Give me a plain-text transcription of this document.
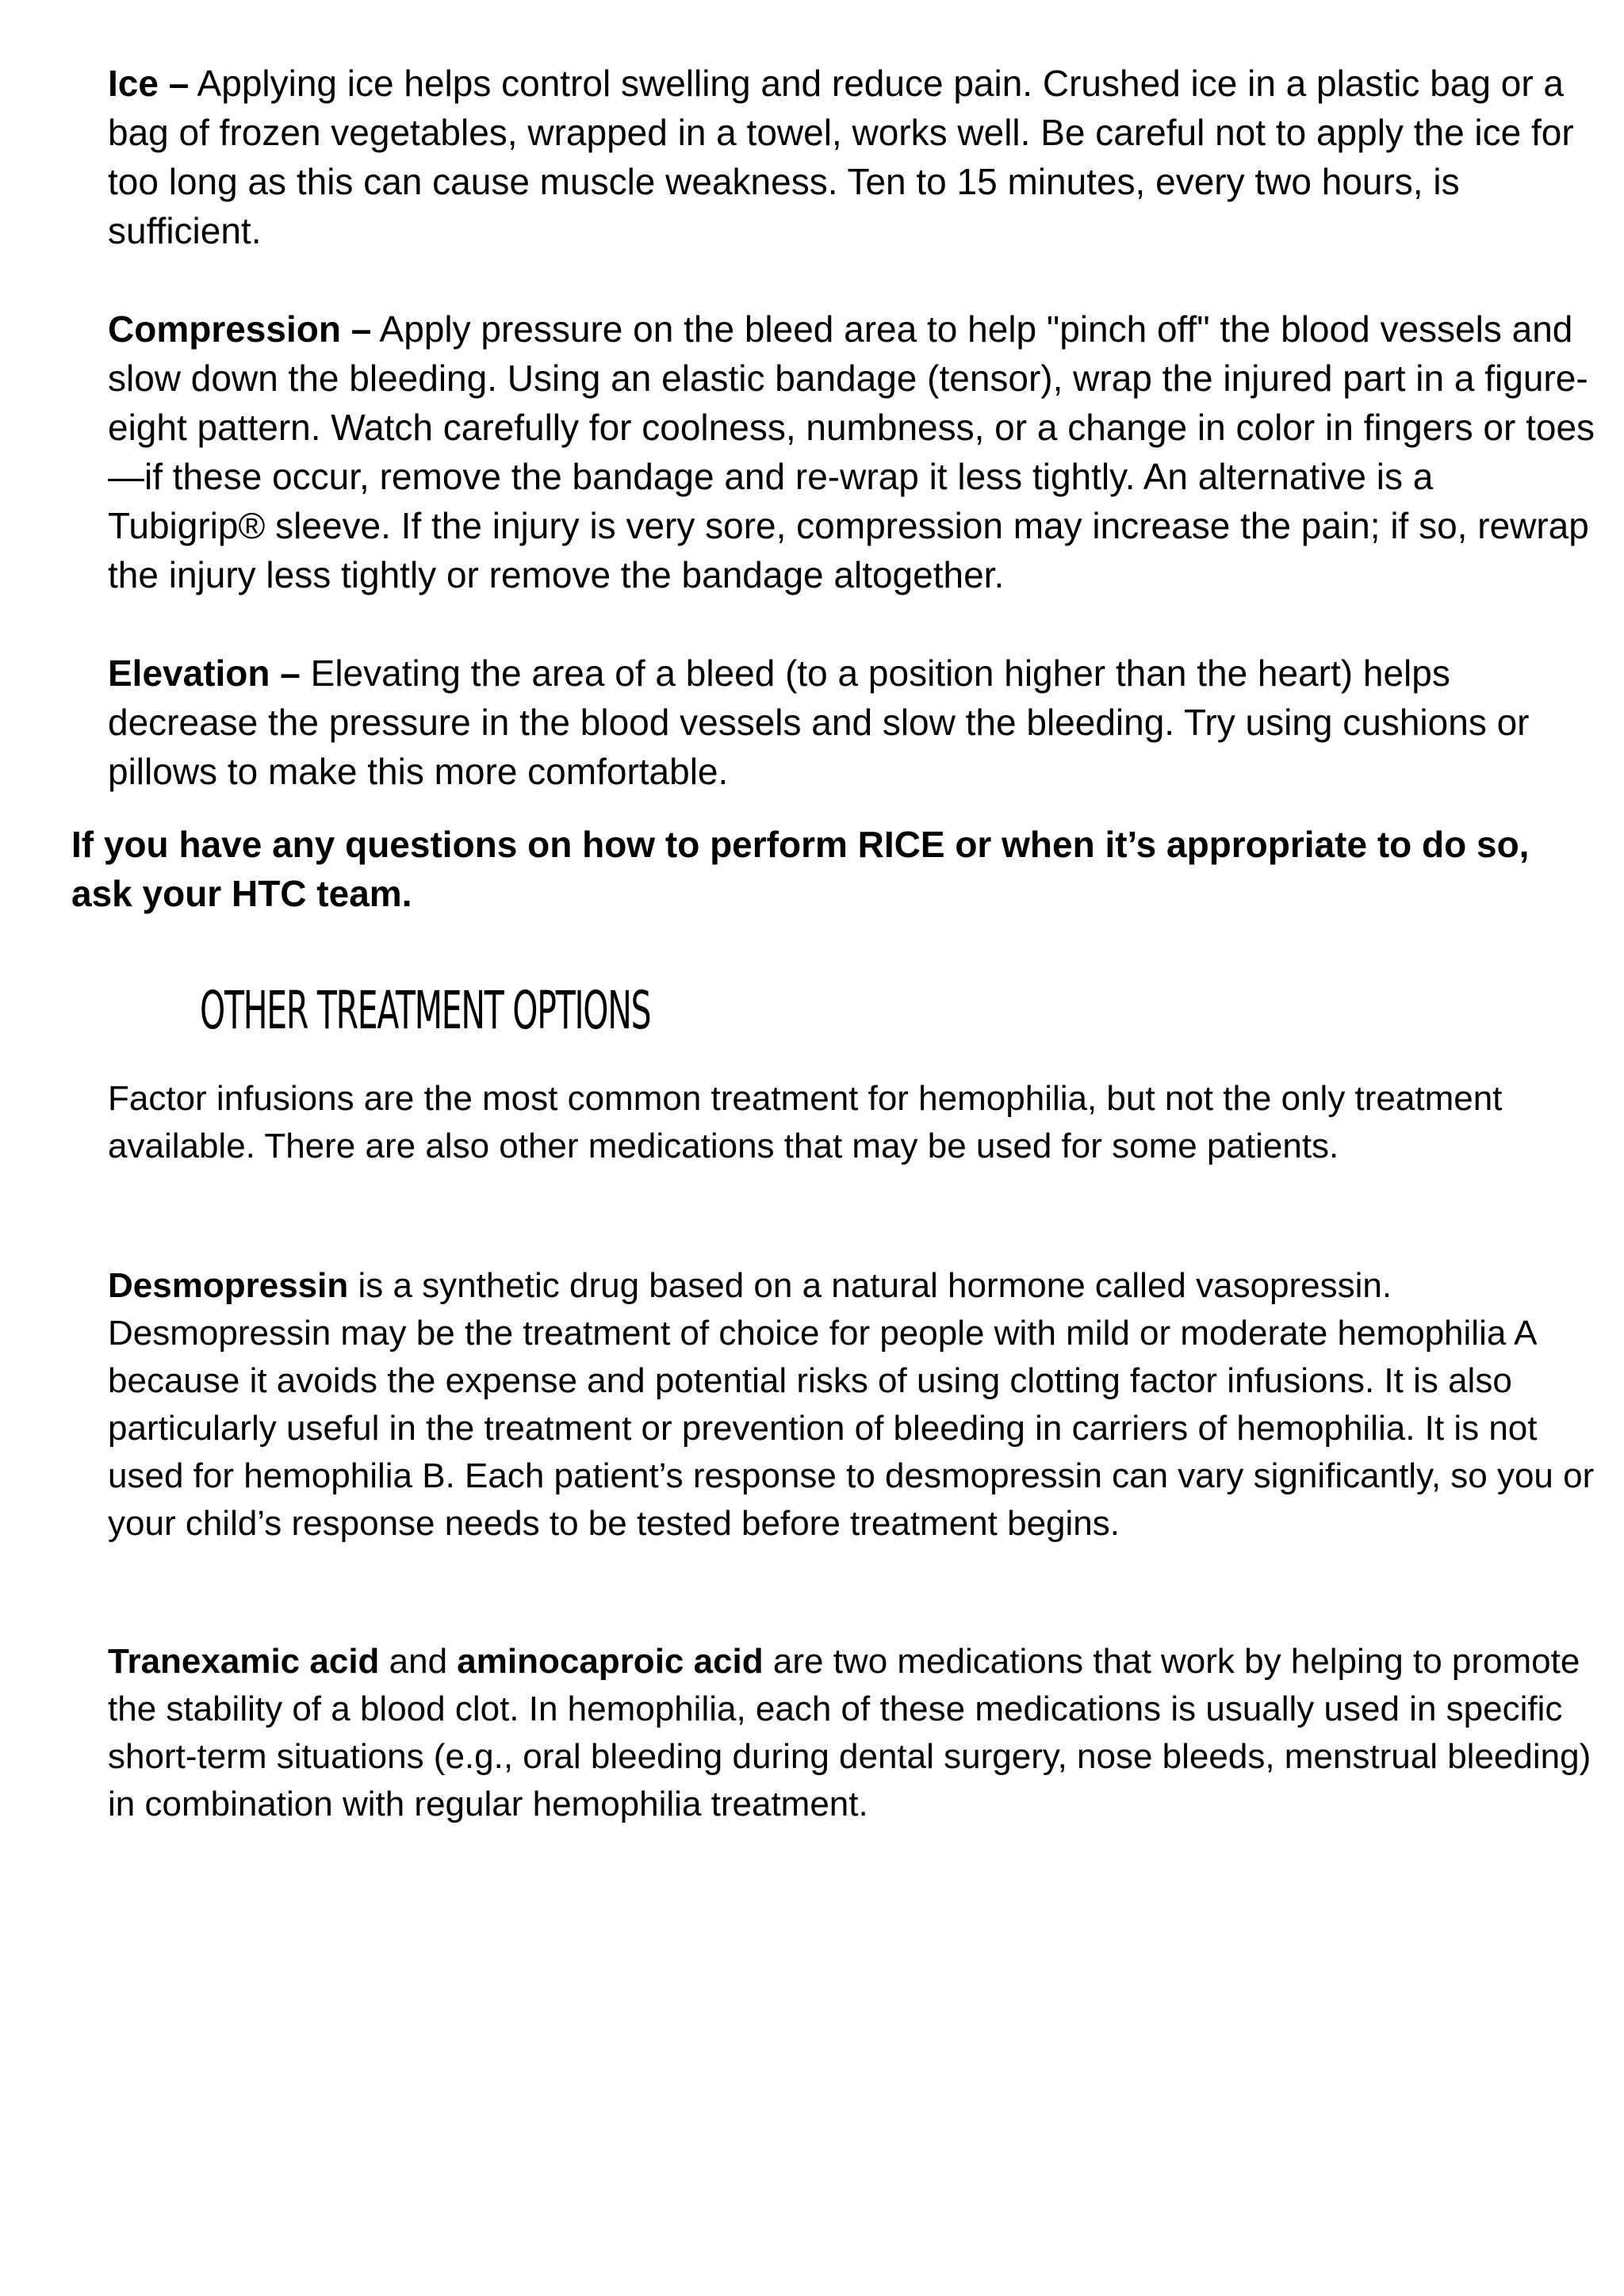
Ice – Applying ice helps control swelling and reduce pain. Crushed ice in a plastic bag or a bag of frozen vegetables, wrapped in a towel, works well. Be careful not to apply the ice for too long as this can cause muscle weakness. Ten to 15 minutes, every two hours, is sufficient.

Compression – Apply pressure on the bleed area to help "pinch off" the blood vessels and slow down the bleeding. Using an elastic bandage (tensor), wrap the injured part in a figure-eight pattern. Watch carefully for coolness, numbness, or a change in color in fingers or toes—if these occur, remove the bandage and re-wrap it less tightly. An alternative is a Tubigrip® sleeve. If the injury is very sore, compression may increase the pain; if so, rewrap the injury less tightly or remove the bandage altogether.

Elevation – Elevating the area of a bleed (to a position higher than the heart) helps decrease the pressure in the blood vessels and slow the bleeding. Try using cushions or pillows to make this more comfortable.

If you have any questions on how to perform RICE or when it’s appropriate to do so, ask your HTC team.

OTHER TREATMENT OPTIONS

Factor infusions are the most common treatment for hemophilia, but not the only treatment available. There are also other medications that may be used for some patients.

Desmopressin is a synthetic drug based on a natural hormone called vasopressin. Desmopressin may be the treatment of choice for people with mild or moderate hemophilia A because it avoids the expense and potential risks of using clotting factor infusions. It is also particularly useful in the treatment or prevention of bleeding in carriers of hemophilia. It is not used for hemophilia B. Each patient’s response to desmopressin can vary significantly, so you or your child’s response needs to be tested before treatment begins.

Tranexamic acid and aminocaproic acid are two medications that work by helping to promote the stability of a blood clot. In hemophilia, each of these medications is usually used in specific short-term situations (e.g., oral bleeding during dental surgery, nose bleeds, menstrual bleeding) in combination with regular hemophilia treatment.
